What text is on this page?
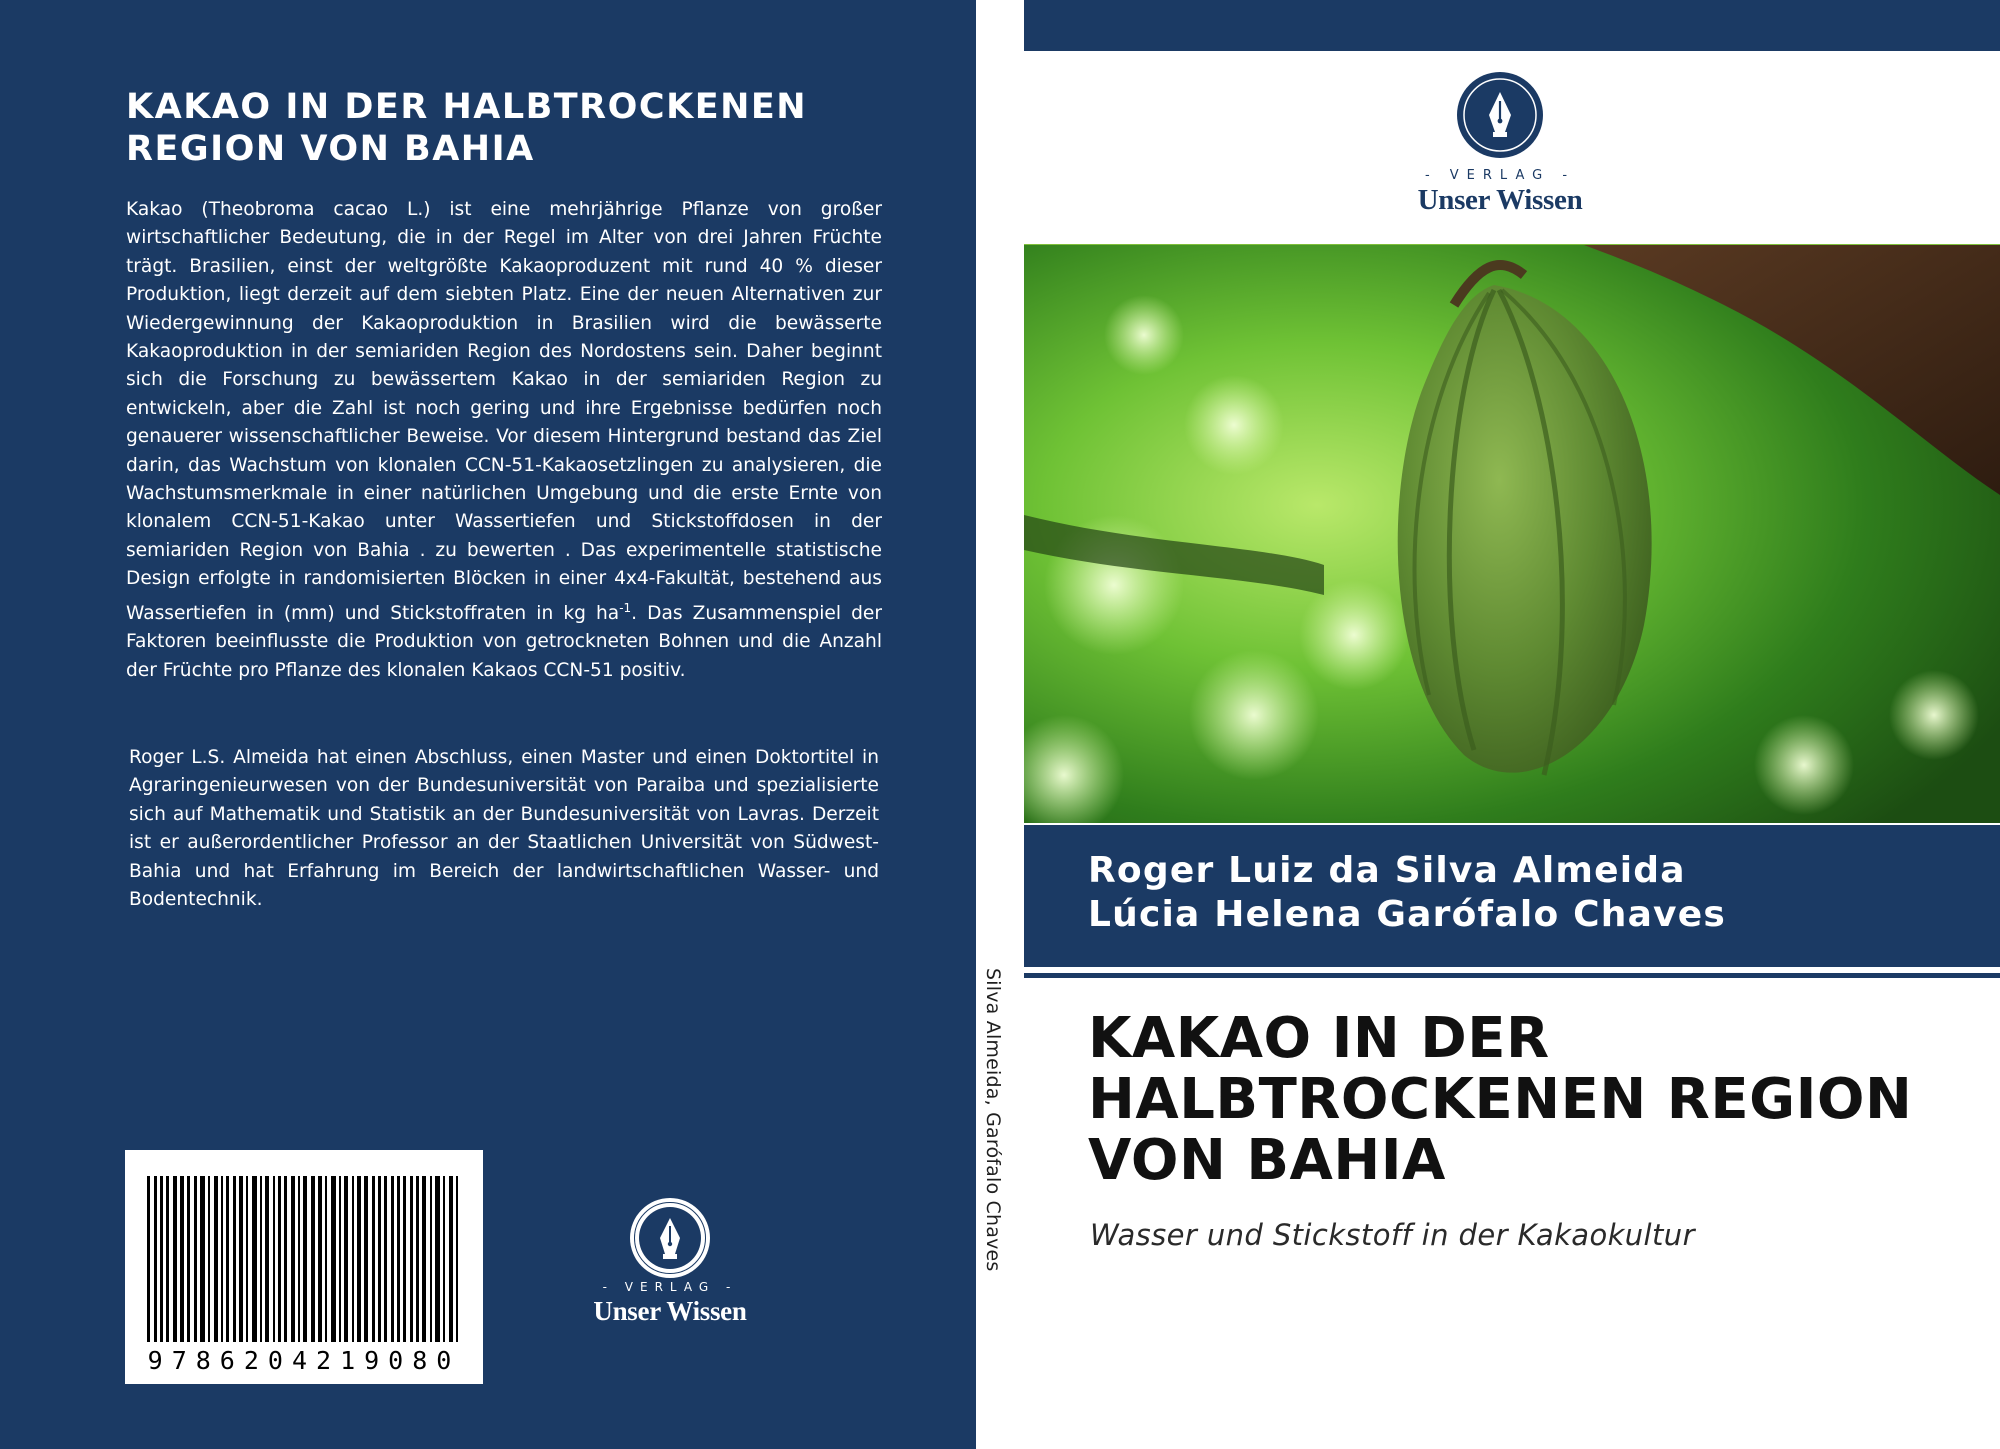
KAKAO IN DER HALBTROCKENEN REGION VON BAHIA
Kakao (Theobroma cacao L.) ist eine mehrjährige Pflanze von großer wirtschaftlicher Bedeutung, die in der Regel im Alter von drei Jahren Früchte trägt. Brasilien, einst der weltgrößte Kakaoproduzent mit rund 40 % dieser Produktion, liegt derzeit auf dem siebten Platz. Eine der neuen Alternativen zur Wiedergewinnung der Kakaoproduktion in Brasilien wird die bewässerte Kakaoproduktion in der semiariden Region des Nordostens sein. Daher beginnt sich die Forschung zu bewässertem Kakao in der semiariden Region zu entwickeln, aber die Zahl ist noch gering und ihre Ergebnisse bedürfen noch genauerer wissenschaftlicher Beweise. Vor diesem Hintergrund bestand das Ziel darin, das Wachstum von klonalen CCN-51-Kakaosetzlingen zu analysieren, die Wachstumsmerkmale in einer natürlichen Umgebung und die erste Ernte von klonalem CCN-51-Kakao unter Wassertiefen und Stickstoffdosen in der semiariden Region von Bahia . zu bewerten . Das experimentelle statistische Design erfolgte in randomisierten Blöcken in einer 4x4-Fakultät, bestehend aus Wassertiefen in (mm) und Stickstoffraten in kg $ha^{-1}$. Das Zusammenspiel der Faktoren beeinflusste die Produktion von getrockneten Bohnen und die Anzahl der Früchte pro Pflanze des klonalen Kakaos CCN-51 positiv.
Roger L.S. Almeida hat einen Abschluss, einen Master und einen Doktortitel in Agraringenieurwesen von der Bundesuniversität von Paraiba und spezialisierte sich auf Mathematik und Statistik an der Bundesuniversität von Lavras. Derzeit ist er außerordentlicher Professor an der Staatlichen Universität von Südwest-Bahia und hat Erfahrung im Bereich der landwirtschaftlichen Wasser- und Bodentechnik.
9786204219080
- VERLAG -
Unser Wissen
Silva Almeida, Garófalo Chaves
- VERLAG -
Unser Wissen
Roger Luiz da Silva Almeida
Lúcia Helena Garófalo Chaves
KAKAO IN DER HALBTROCKENEN REGION VON BAHIA
Wasser und Stickstoff in der Kakaokultur
